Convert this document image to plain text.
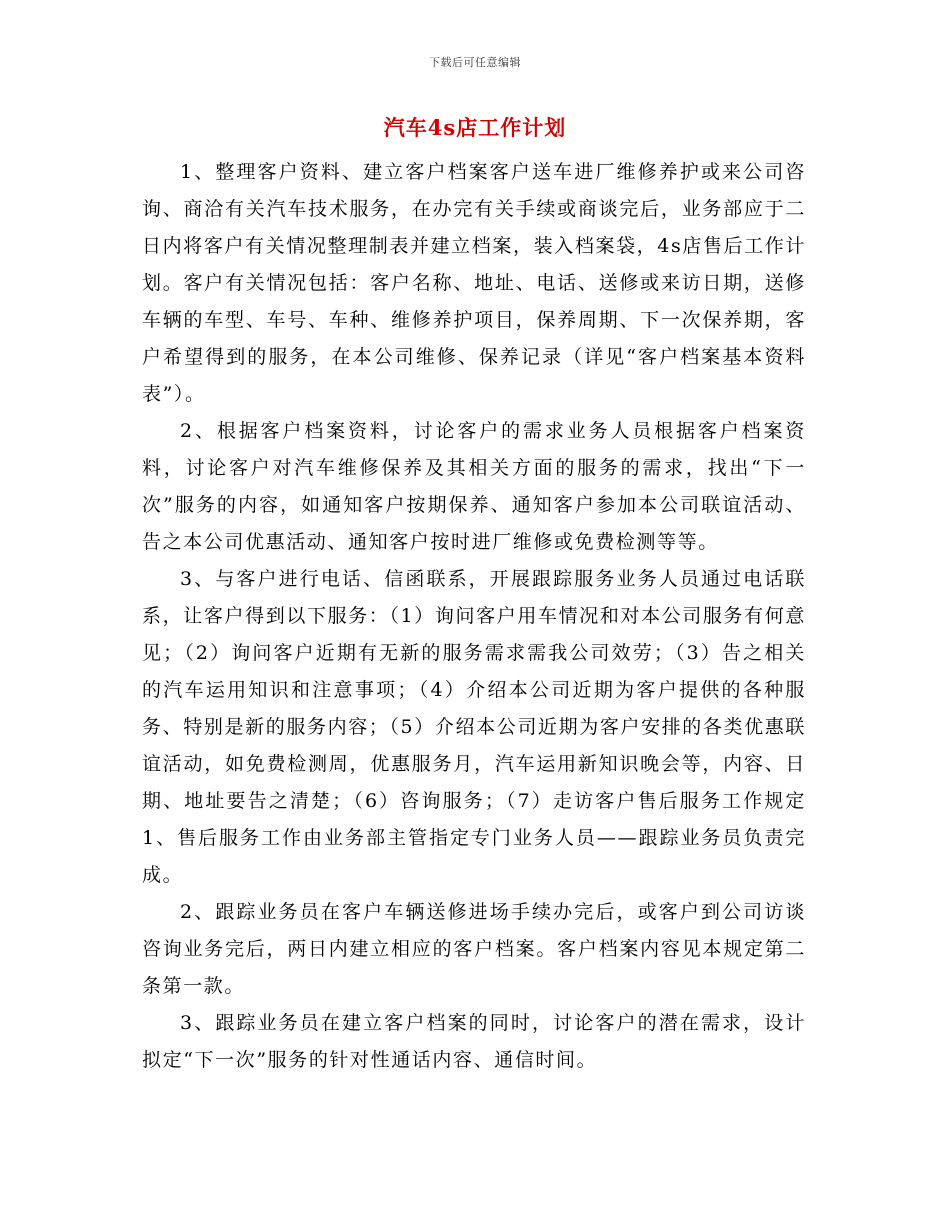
下载后可任意编辑
汽车4s店工作计划

1、整理客户资料、建立客户档案客户送车进厂维修养护或来公司咨询、商洽有关汽车技术服务，在办完有关手续或商谈完后，业务部应于二日内将客户有关情况整理制表并建立档案，装入档案袋，4s店售后工作计划。客户有关情况包括：客户名称、地址、电话、送修或来访日期，送修车辆的车型、车号、车种、维修养护项目，保养周期、下一次保养期，客户希望得到的服务，在本公司维修、保养记录（详见“客户档案基本资料表”）。

2、根据客户档案资料，讨论客户的需求业务人员根据客户档案资料，讨论客户对汽车维修保养及其相关方面的服务的需求，找出“下一次”服务的内容，如通知客户按期保养、通知客户参加本公司联谊活动、告之本公司优惠活动、通知客户按时进厂维修或免费检测等等。

3、与客户进行电话、信函联系，开展跟踪服务业务人员通过电话联系，让客户得到以下服务：（1）询问客户用车情况和对本公司服务有何意见；（2）询问客户近期有无新的服务需求需我公司效劳；（3）告之相关的汽车运用知识和注意事项；（4）介绍本公司近期为客户提供的各种服务、特别是新的服务内容；（5）介绍本公司近期为客户安排的各类优惠联谊活动，如免费检测周，优惠服务月，汽车运用新知识晚会等，内容、日期、地址要告之清楚；（6）咨询服务；（7）走访客户售后服务工作规定1、售后服务工作由业务部主管指定专门业务人员——跟踪业务员负责完成。

2、跟踪业务员在客户车辆送修进场手续办完后，或客户到公司访谈咨询业务完后，两日内建立相应的客户档案。客户档案内容见本规定第二条第一款。

3、跟踪业务员在建立客户档案的同时，讨论客户的潜在需求，设计拟定“下一次”服务的针对性通话内容、通信时间。
